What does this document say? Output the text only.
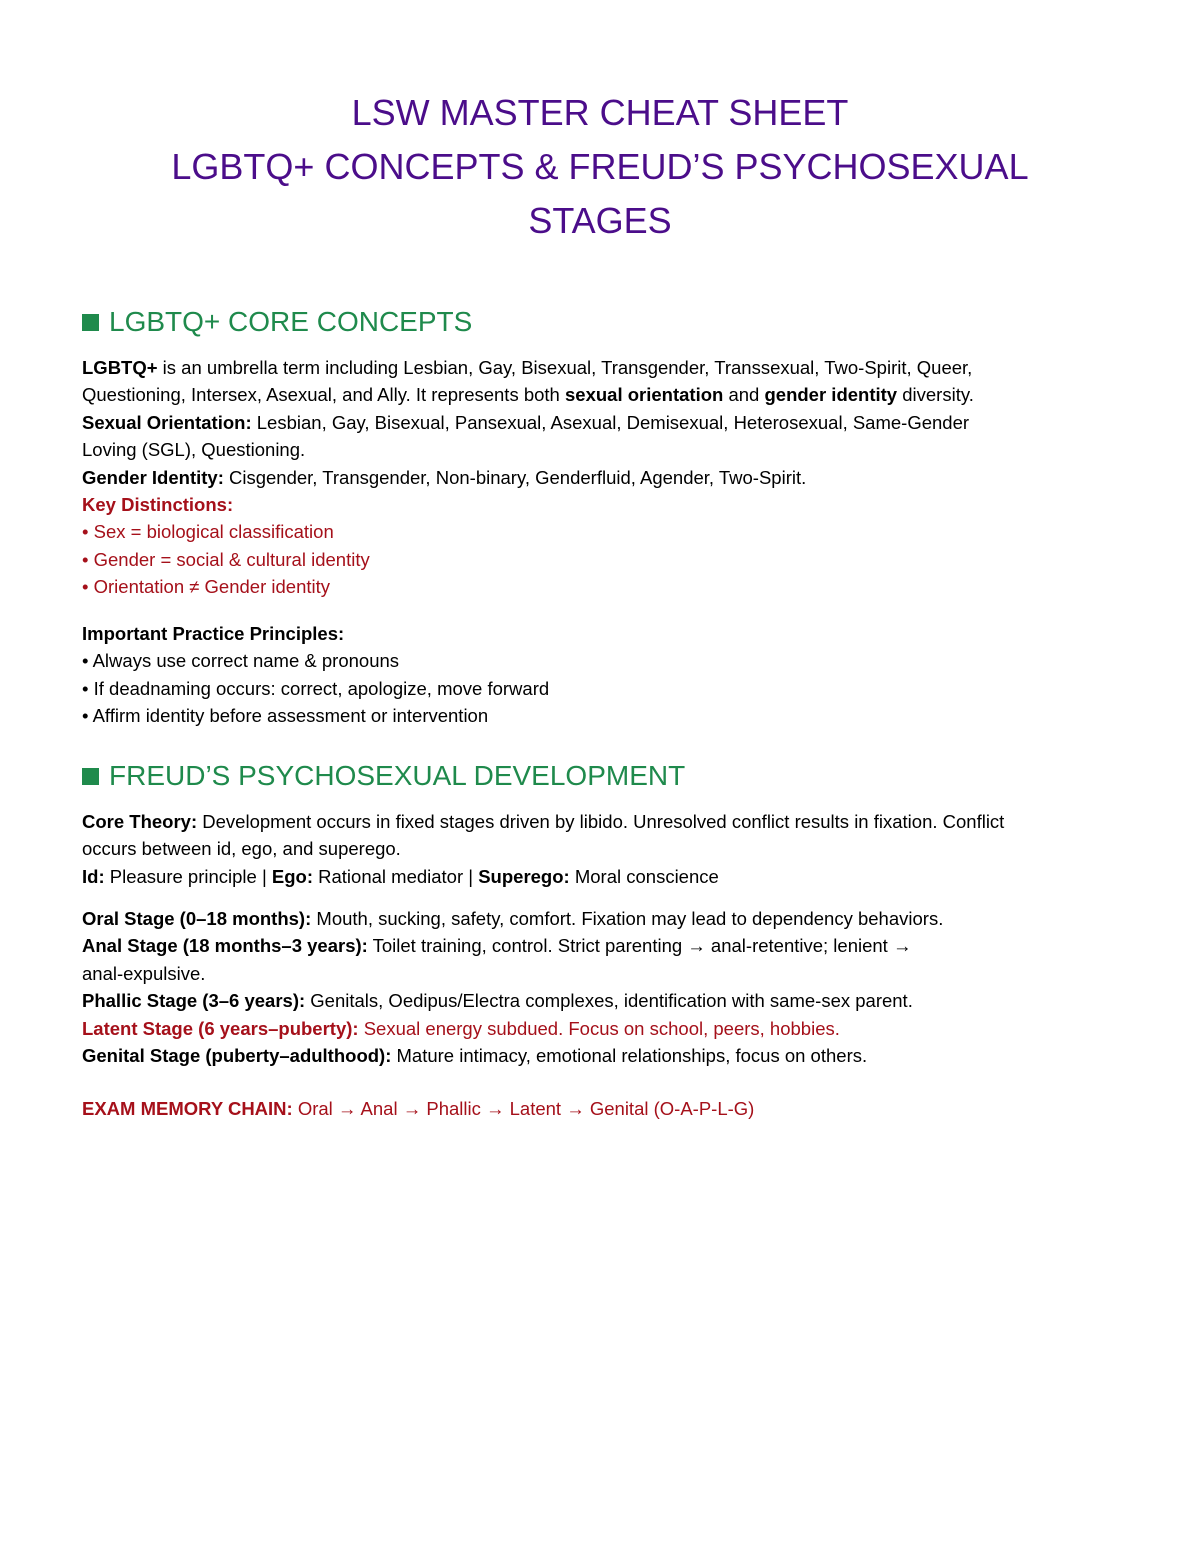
LSW MASTER CHEAT SHEET
LGBTQ+ CONCEPTS & FREUD’S PSYCHOSEXUAL
STAGES
LGBTQ+ CORE CONCEPTS
LGBTQ+ is an umbrella term including Lesbian, Gay, Bisexual, Transgender, Transsexual, Two-Spirit, Queer,
Questioning, Intersex, Asexual, and Ally. It represents both sexual orientation and gender identity diversity.
Sexual Orientation: Lesbian, Gay, Bisexual, Pansexual, Asexual, Demisexual, Heterosexual, Same-Gender
Loving (SGL), Questioning.
Gender Identity: Cisgender, Transgender, Non-binary, Genderfluid, Agender, Two-Spirit.
Key Distinctions:
• Sex = biological classification
• Gender = social & cultural identity
• Orientation ≠ Gender identity
Important Practice Principles:
• Always use correct name & pronouns
• If deadnaming occurs: correct, apologize, move forward
• Affirm identity before assessment or intervention
FREUD’S PSYCHOSEXUAL DEVELOPMENT
Core Theory: Development occurs in fixed stages driven by libido. Unresolved conflict results in fixation. Conflict
occurs between id, ego, and superego.
Id: Pleasure principle | Ego: Rational mediator | Superego: Moral conscience
Oral Stage (0–18 months): Mouth, sucking, safety, comfort. Fixation may lead to dependency behaviors.
Anal Stage (18 months–3 years): Toilet training, control. Strict parenting → anal-retentive; lenient →
anal-expulsive.
Phallic Stage (3–6 years): Genitals, Oedipus/Electra complexes, identification with same-sex parent.
Latent Stage (6 years–puberty): Sexual energy subdued. Focus on school, peers, hobbies.
Genital Stage (puberty–adulthood): Mature intimacy, emotional relationships, focus on others.
EXAM MEMORY CHAIN: Oral → Anal → Phallic → Latent → Genital (O-A-P-L-G)
